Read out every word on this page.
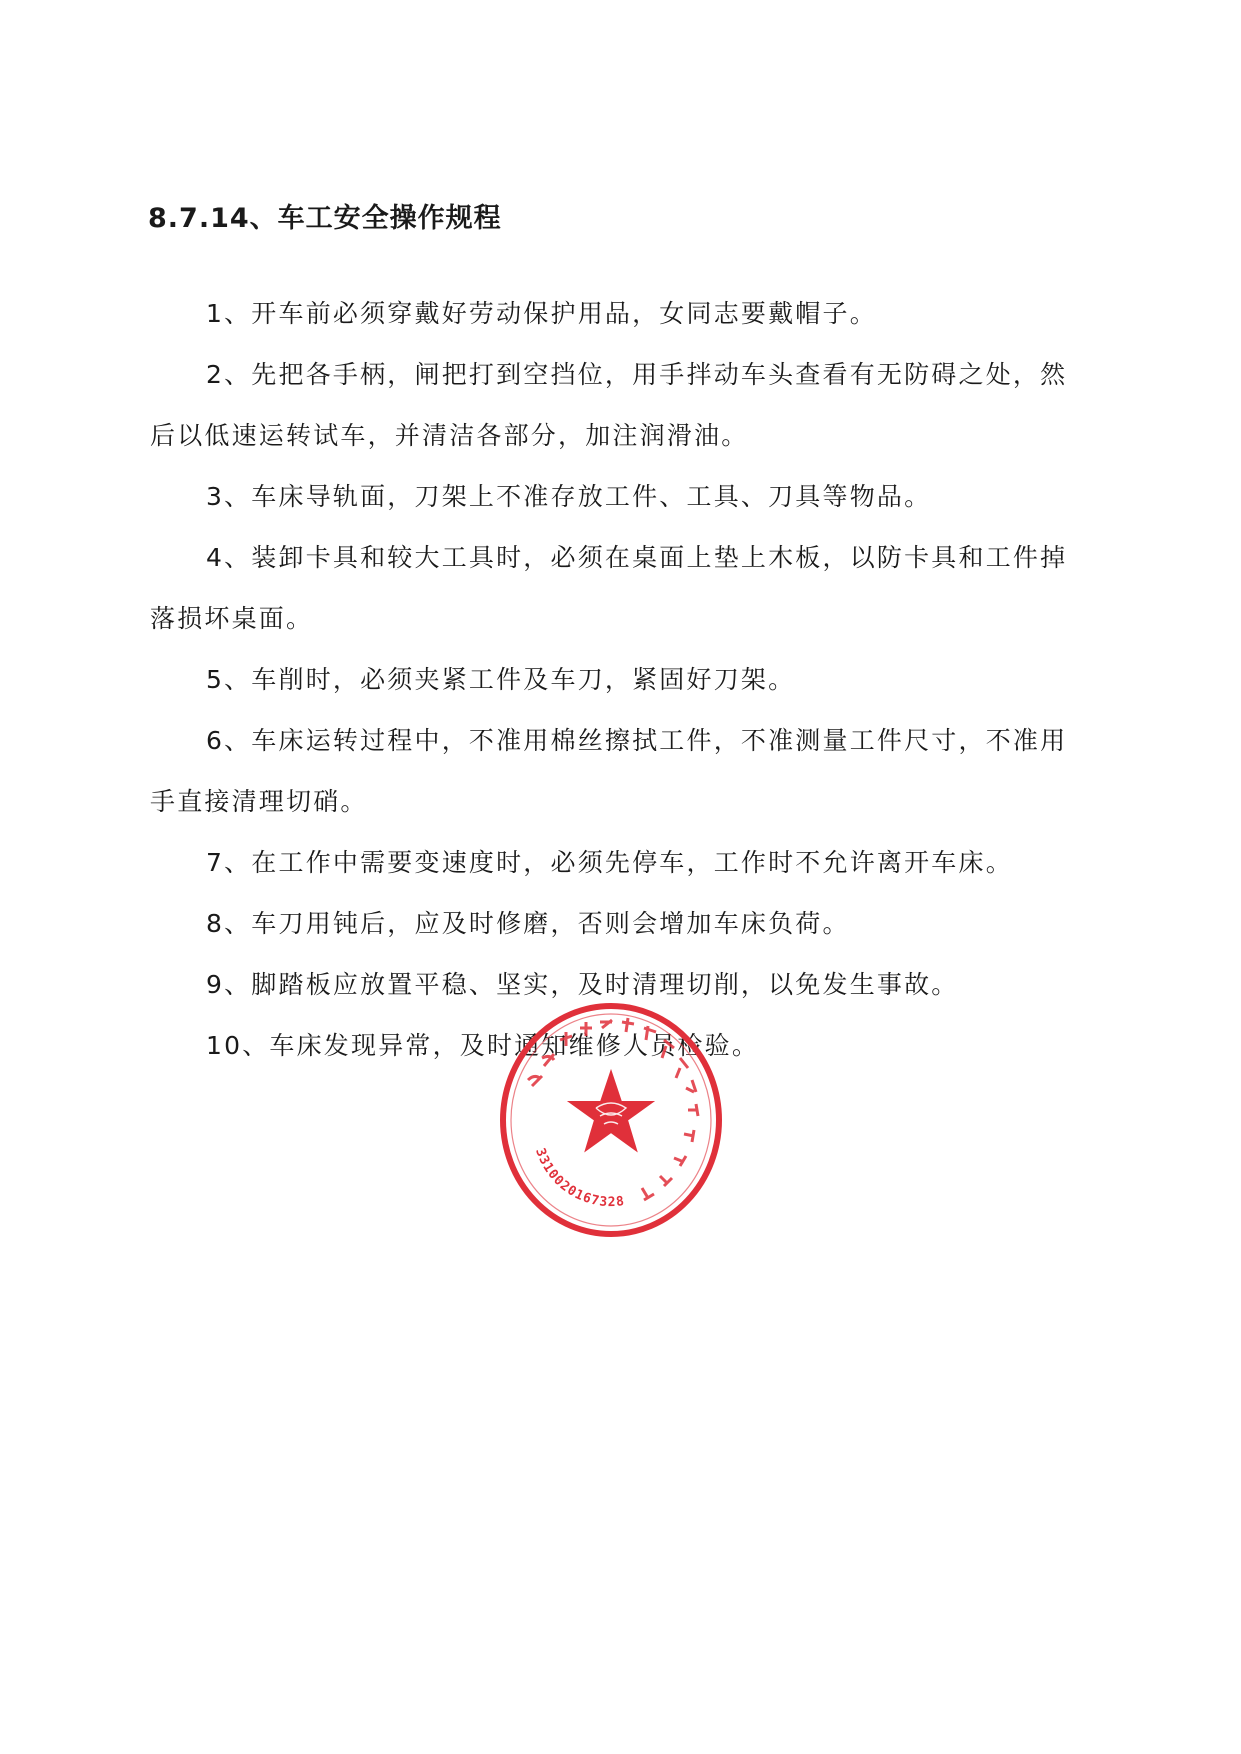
8.7.14、车工安全操作规程

1、开车前必须穿戴好劳动保护用品，女同志要戴帽子。

2、先把各手柄，闸把打到空挡位，用手拌动车头查看有无防碍之处，然后以低速运转试车，并清洁各部分，加注润滑油。

3、车床导轨面，刀架上不准存放工件、工具、刀具等物品。

4、装卸卡具和较大工具时，必须在桌面上垫上木板，以防卡具和工件掉落损坏桌面。

5、车削时，必须夹紧工件及车刀，紧固好刀架。

6、车床运转过程中，不准用棉丝擦拭工件，不准测量工件尺寸，不准用手直接清理切硝。

7、在工作中需要变速度时，必须先停车，工作时不允许离开车床。

8、车刀用钝后，应及时修磨，否则会增加车床负荷。

9、脚踏板应放置平稳、坚实，及时清理切削，以免发生事故。

10、车床发现异常，及时通知维修人员检验。

3310020167328
